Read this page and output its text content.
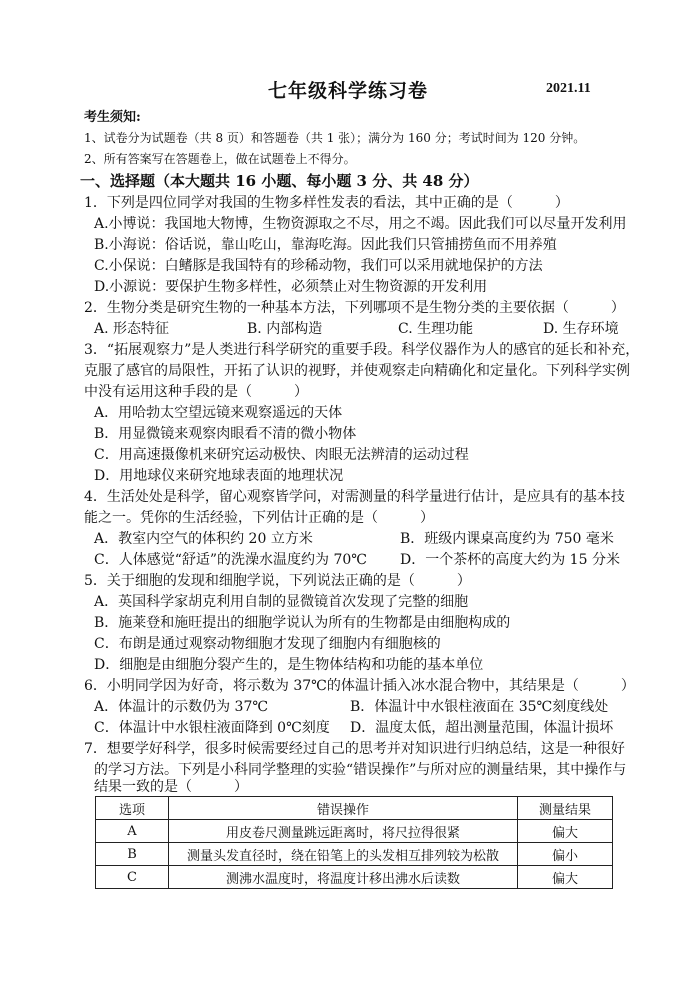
七年级科学练习卷	2021.11
考生须知:
1、试卷分为试题卷（共 8 页）和答题卷（共 1 张）；满分为 160 分；考试时间为 120 分钟。
2、所有答案写在答题卷上，做在试题卷上不得分。
一、选择题（本大题共 16 小题、每小题 3 分、共 48 分）
1．下列是四位同学对我国的生物多样性发表的看法，其中正确的是（　　　）
A.小博说：我国地大物博，生物资源取之不尽，用之不竭。因此我们可以尽量开发利用
B.小海说：俗话说，靠山吃山，靠海吃海。因此我们只管捕捞鱼而不用养殖
C.小保说：白鳍豚是我国特有的珍稀动物，我们可以采用就地保护的方法
D.小源说：要保护生物多样性，必须禁止对生物资源的开发利用
2．生物分类是研究生物的一种基本方法，下列哪项不是生物分类的主要依据（　　　）
A. 形态特征	B. 内部构造	C. 生理功能	D. 生存环境
3．“拓展观察力”是人类进行科学研究的重要手段。科学仪器作为人的感官的延长和补充，
克服了感官的局限性，开拓了认识的视野，并使观察走向精确化和定量化。下列科学实例
中没有运用这种手段的是（　　　）
A．用哈勃太空望远镜来观察遥远的天体
B．用显微镜来观察肉眼看不清的微小物体
C．用高速摄像机来研究运动极快、肉眼无法辨清的运动过程
D．用地球仪来研究地球表面的地理状况
4．生活处处是科学，留心观察皆学问，对需测量的科学量进行估计，是应具有的基本技
能之一。凭你的生活经验，下列估计正确的是（　　　）
A．教室内空气的体积约 20 立方米	B．班级内课桌高度约为 750 毫米
C．人体感觉“舒适”的洗澡水温度约为 70℃ D．一个茶杯的高度大约为 15 分米
5．关于细胞的发现和细胞学说，下列说法正确的是（　　　）
A．英国科学家胡克利用自制的显微镜首次发现了完整的细胞
B．施莱登和施旺提出的细胞学说认为所有的生物都是由细胞构成的
C．布朗是通过观察动物细胞才发现了细胞内有细胞核的
D．细胞是由细胞分裂产生的，是生物体结构和功能的基本单位
6．小明同学因为好奇，将示数为 37℃的体温计插入冰水混合物中，其结果是（　　　）
A．体温计的示数仍为 37℃	B．体温计中水银柱液面在 35℃刻度线处
C．体温计中水银柱液面降到 0℃刻度 D．温度太低，超出测量范围，体温计损坏
7．想要学好科学，很多时候需要经过自己的思考并对知识进行归纳总结，这是一种很好
的学习方法。下列是小科同学整理的实验“错误操作”与所对应的测量结果，其中操作与
结果一致的是（　　　）
选项	错误操作	测量结果
A	用皮卷尺测量跳远距离时，将尺拉得很紧	偏大
B	测量头发直径时，绕在铅笔上的头发相互排列较为松散	偏小
C	测沸水温度时，将温度计移出沸水后读数	偏大
